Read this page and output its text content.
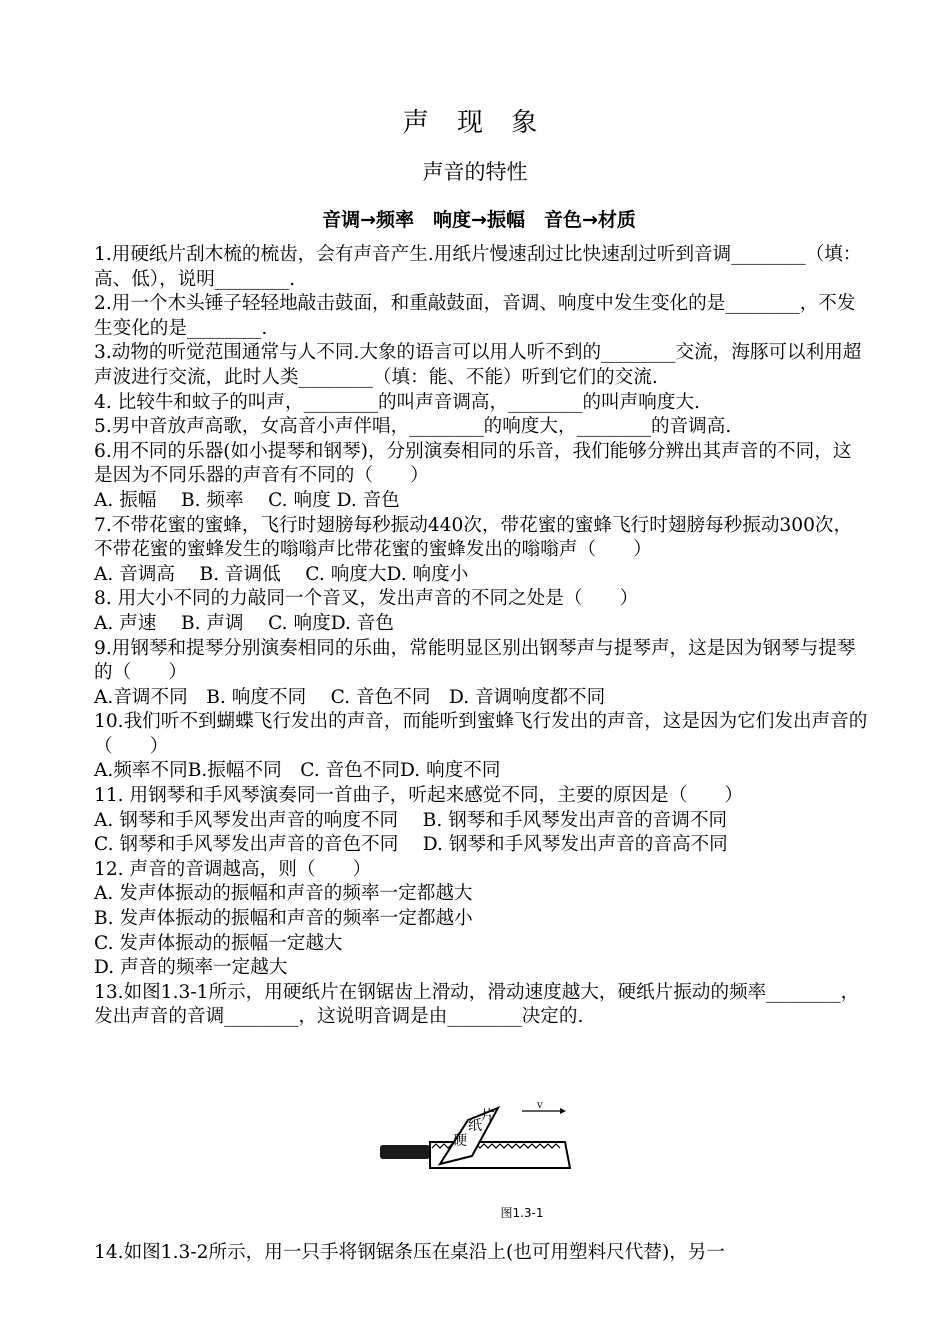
声 现 象
声音的特性
音调→频率　响度→振幅　音色→材质

1.用硬纸片刮木梳的梳齿，会有声音产生.用纸片慢速刮过比快速刮过听到音调________（填：高、低），说明________.

2.用一个木头锤子轻轻地敲击鼓面，和重敲鼓面，音调、响度中发生变化的是________，不发生变化的是________.

3.动物的听觉范围通常与人不同.大象的语言可以用人听不到的________交流，海豚可以利用超声波进行交流，此时人类________（填：能、不能）听到它们的交流.

4. 比较牛和蚊子的叫声，________的叫声音调高，________的叫声响度大.

5.男中音放声高歌，女高音小声伴唱，________的响度大，________的音调高.

6.用不同的乐器(如小提琴和钢琴)，分别演奏相同的乐音，我们能够分辨出其声音的不同，这是因为不同乐器的声音有不同的（　　）

A. 振幅　 B. 频率　 C. 响度 D. 音色

7.不带花蜜的蜜蜂，飞行时翅膀每秒振动440次，带花蜜的蜜蜂飞行时翅膀每秒振动300次，不带花蜜的蜜蜂发生的嗡嗡声比带花蜜的蜜蜂发出的嗡嗡声（　　）

A. 音调高　 B. 音调低　 C. 响度大D. 响度小

8. 用大小不同的力敲同一个音叉，发出声音的不同之处是（　　）

A. 声速　 B. 声调　 C. 响度D. 音色

9.用钢琴和提琴分别演奏相同的乐曲，常能明显区别出钢琴声与提琴声，这是因为钢琴与提琴的（　　）

A.音调不同　B. 响度不同　 C. 音色不同　D. 音调响度都不同

10.我们听不到蝴蝶飞行发出的声音，而能听到蜜蜂飞行发出的声音，这是因为它们发出声音的（　　）

A.频率不同B.振幅不同　C. 音色不同D. 响度不同

11. 用钢琴和手风琴演奏同一首曲子，听起来感觉不同，主要的原因是（　　）

A. 钢琴和手风琴发出声音的响度不同　 B. 钢琴和手风琴发出声音的音调不同

C. 钢琴和手风琴发出声音的音色不同　 D. 钢琴和手风琴发出声音的音高不同

12. 声音的音调越高，则（　　）

A. 发声体振动的振幅和声音的频率一定都越大

B. 发声体振动的振幅和声音的频率一定都越小

C. 发声体振动的振幅一定越大

D. 声音的频率一定越大

13.如图1.3-1所示，用硬纸片在钢锯齿上滑动，滑动速度越大，硬纸片振动的频率________，发出声音的音调________，这说明音调是由________决定的.

硬
纸
片
v
图1.3-1

14.如图1.3-2所示，用一只手将钢锯条压在桌沿上(也可用塑料尺代替)，另一
